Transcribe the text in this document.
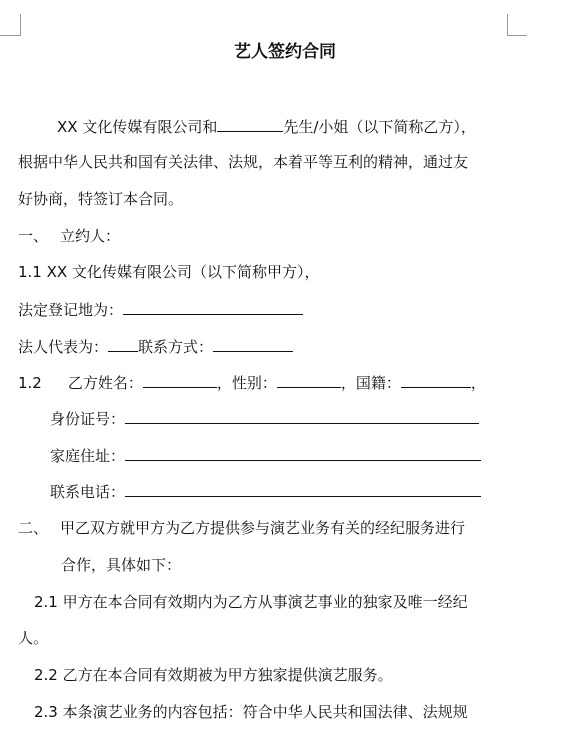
艺人签约合同
XX 文化传媒有限公司和	先生/小姐（以下简称乙方），
根据中华人民共和国有关法律、法规，本着平等互利的精神，通过友
好协商，特签订本合同。
一、 立约人：
1.1 XX 文化传媒有限公司（以下简称甲方），
法定登记地为：
法人代表为： 联系方式：
1.2 乙方姓名：	，性别：	，国籍：	，
身份证号：
家庭住址：
联系电话：
二、 甲乙双方就甲方为乙方提供参与演艺业务有关的经纪服务进行
合作，具体如下：
2.1 甲方在本合同有效期内为乙方从事演艺事业的独家及唯一经纪
人。
2.2 乙方在本合同有效期被为甲方独家提供演艺服务。
2.3 本条演艺业务的内容包括：符合中华人民共和国法律、法规规
